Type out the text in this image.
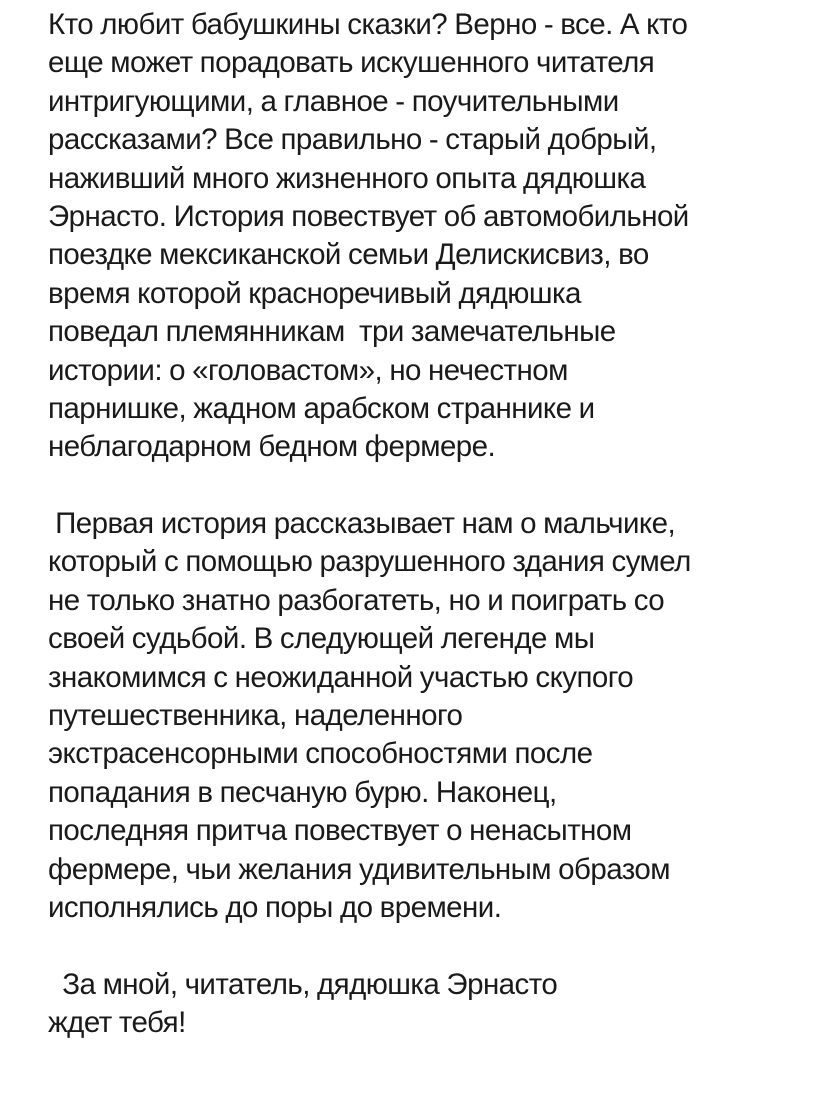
Кто любит бабушкины сказки? Верно - все. А кто
еще может порадовать искушенного читателя
интригующими, а главное - поучительными
рассказами? Все правильно - старый добрый,
наживший много жизненного опыта дядюшка
Эрнасто. История повествует об автомобильной
поездке мексиканской семьи Делискисвиз, во
время которой красноречивый дядюшка
поведал племянникам  три замечательные
истории: о «головастом», но нечестном
парнишке, жадном арабском страннике и
неблагодарном бедном фермере.
Первая история рассказывает нам о мальчике,
который с помощью разрушенного здания сумел
не только знатно разбогатеть, но и поиграть со
своей судьбой. В следующей легенде мы
знакомимся с неожиданной участью скупого
путешественника, наделенного
экстрасенсорными способностями после
попадания в песчаную бурю. Наконец,
последняя притча повествует о ненасытном
фермере, чьи желания удивительным образом
исполнялись до поры до времени.
За мной, читатель, дядюшка Эрнасто
ждет тебя!
